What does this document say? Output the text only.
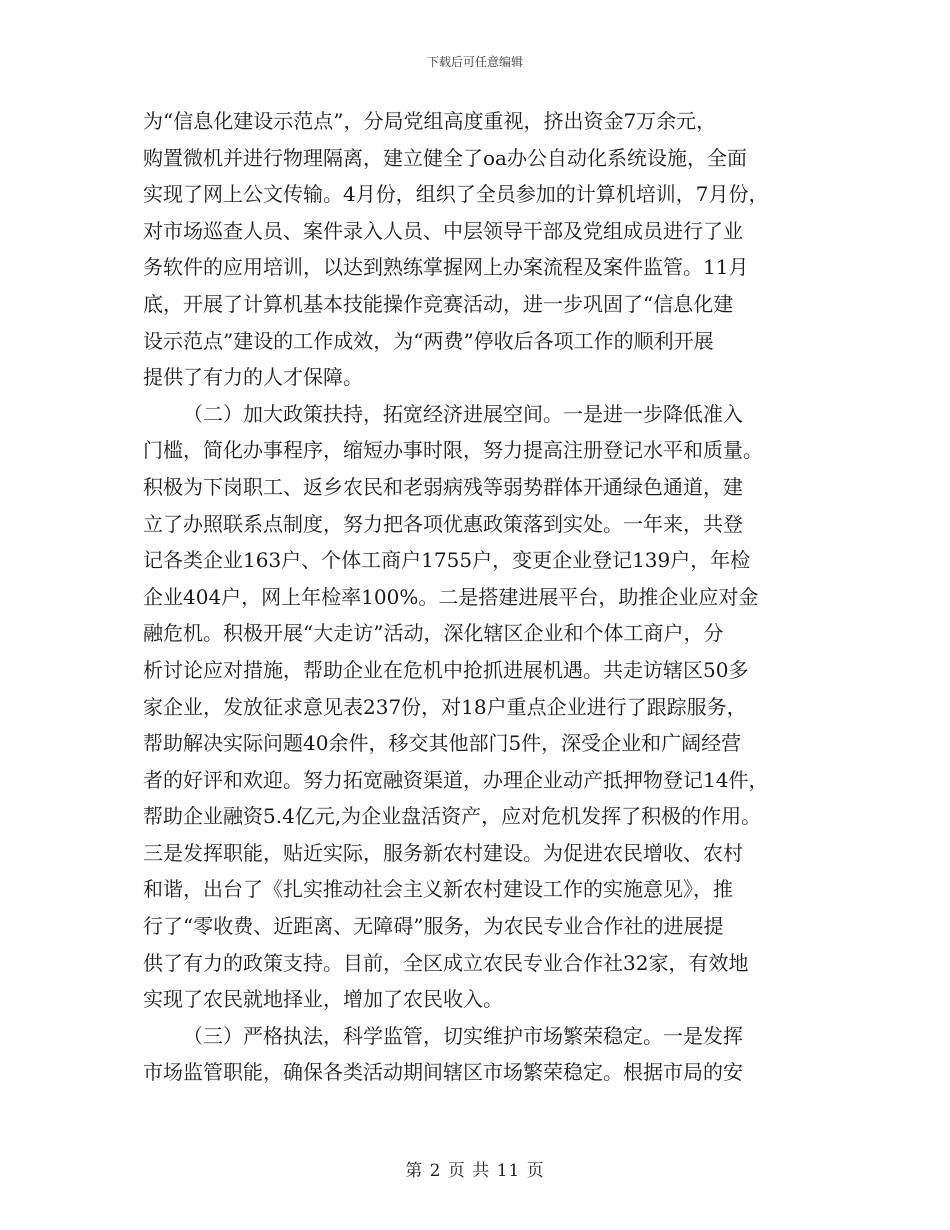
下载后可任意编辑
为“信息化建设示范点”，分局党组高度重视，挤出资金7万余元，
购置微机并进行物理隔离，建立健全了oa办公自动化系统设施，全面
实现了网上公文传输。4月份，组织了全员参加的计算机培训，7月份，
对市场巡查人员、案件录入人员、中层领导干部及党组成员进行了业
务软件的应用培训，以达到熟练掌握网上办案流程及案件监管。11月
底，开展了计算机基本技能操作竞赛活动，进一步巩固了“信息化建
设示范点”建设的工作成效，为“两费”停收后各项工作的顺利开展
提供了有力的人才保障。
（二）加大政策扶持，拓宽经济进展空间。一是进一步降低准入
门槛，简化办事程序，缩短办事时限，努力提高注册登记水平和质量。
积极为下岗职工、返乡农民和老弱病残等弱势群体开通绿色通道，建
立了办照联系点制度，努力把各项优惠政策落到实处。一年来，共登
记各类企业163户、个体工商户1755户，变更企业登记139户，年检
企业404户，网上年检率100%。二是搭建进展平台，助推企业应对金
融危机。积极开展“大走访”活动，深化辖区企业和个体工商户，分
析讨论应对措施，帮助企业在危机中抢抓进展机遇。共走访辖区50多
家企业，发放征求意见表237份，对18户重点企业进行了跟踪服务，
帮助解决实际问题40余件，移交其他部门5件，深受企业和广阔经营
者的好评和欢迎。努力拓宽融资渠道，办理企业动产抵押物登记14件，
帮助企业融资5.4亿元,为企业盘活资产，应对危机发挥了积极的作用。
三是发挥职能，贴近实际，服务新农村建设。为促进农民增收、农村
和谐，出台了《扎实推动社会主义新农村建设工作的实施意见》，推
行了“零收费、近距离、无障碍”服务，为农民专业合作社的进展提
供了有力的政策支持。目前，全区成立农民专业合作社32家，有效地
实现了农民就地择业，增加了农民收入。
（三）严格执法，科学监管，切实维护市场繁荣稳定。一是发挥
市场监管职能，确保各类活动期间辖区市场繁荣稳定。根据市局的安
第 2 页 共 11 页
